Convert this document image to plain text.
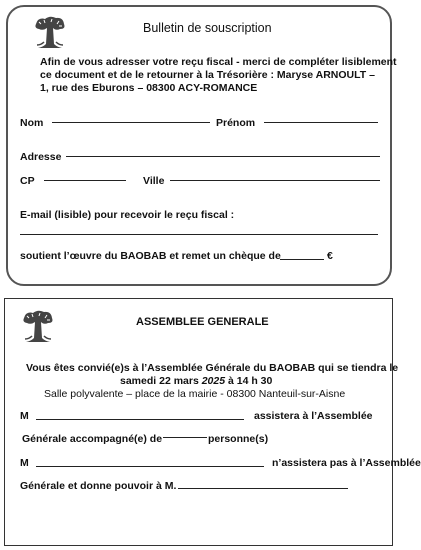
Bulletin de souscription
Afin de vous adresser votre reçu fiscal - merci de compléter lisiblement
ce document et de le retourner à la Trésorière : Maryse ARNOULT –
1, rue des Eburons – 08300 ACY-ROMANCE
Nom	Prénom
Adresse
CP	Ville
E-mail (lisible) pour recevoir le reçu fiscal :
soutient l’œuvre du BAOBAB et remet un chèque de	€
ASSEMBLEE GENERALE
Vous êtes convié(e)s à l’Assemblée Générale du BAOBAB qui se tiendra le
samedi 22 mars 2025 à 14 h 30
Salle polyvalente – place de la mairie - 08300 Nanteuil-sur-Aisne
M	assistera à l’Assemblée
Générale accompagné(e) de	personne(s)
M	n’assistera pas à l’Assemblée
Générale et donne pouvoir à M.
